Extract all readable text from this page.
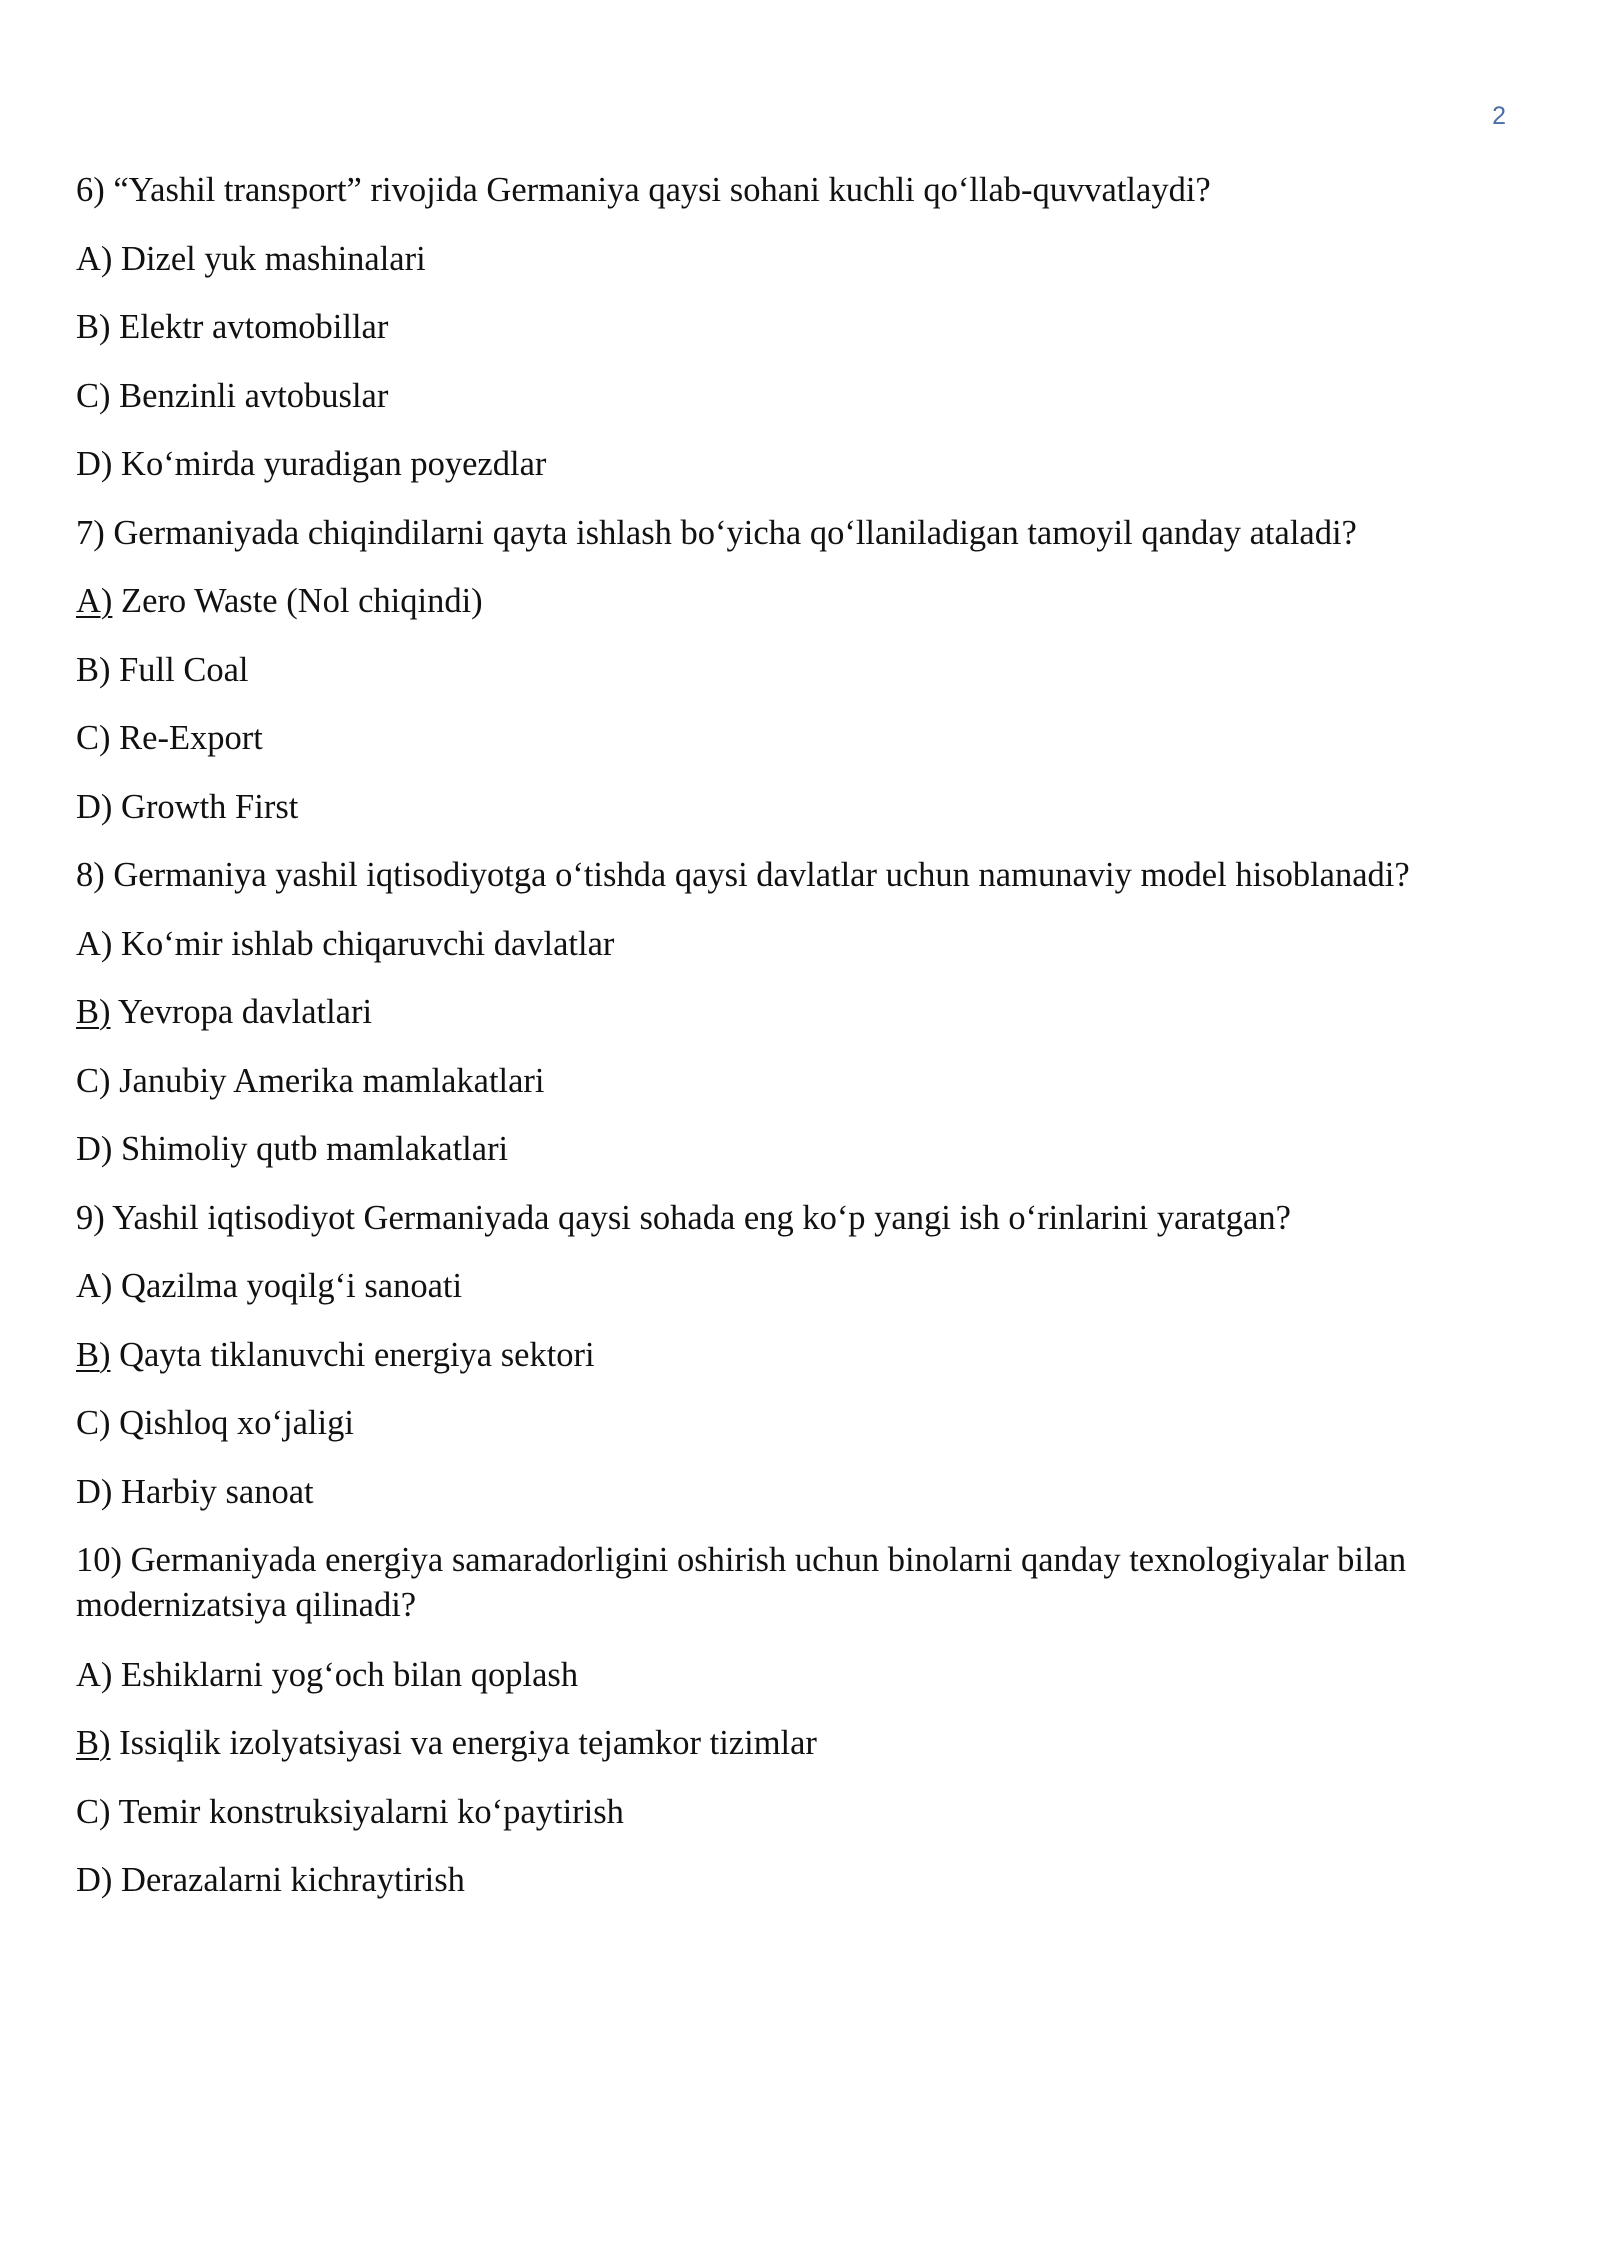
2

6) “Yashil transport” rivojida Germaniya qaysi sohani kuchli qo‘llab-quvvatlaydi?

A) Dizel yuk mashinalari

B) Elektr avtomobillar

C) Benzinli avtobuslar

D) Ko‘mirda yuradigan poyezdlar

7) Germaniyada chiqindilarni qayta ishlash bo‘yicha qo‘llaniladigan tamoyil qanday ataladi?

A) Zero Waste (Nol chiqindi)

B) Full Coal

C) Re-Export

D) Growth First

8) Germaniya yashil iqtisodiyotga o‘tishda qaysi davlatlar uchun namunaviy model hisoblanadi?

A) Ko‘mir ishlab chiqaruvchi davlatlar

B) Yevropa davlatlari

C) Janubiy Amerika mamlakatlari

D) Shimoliy qutb mamlakatlari

9) Yashil iqtisodiyot Germaniyada qaysi sohada eng ko‘p yangi ish o‘rinlarini yaratgan?

A) Qazilma yoqilg‘i sanoati

B) Qayta tiklanuvchi energiya sektori

C) Qishloq xo‘jaligi

D) Harbiy sanoat

10) Germaniyada energiya samaradorligini oshirish uchun binolarni qanday texnologiyalar bilan modernizatsiya qilinadi?

A) Eshiklarni yog‘och bilan qoplash

B) Issiqlik izolyatsiyasi va energiya tejamkor tizimlar

C) Temir konstruksiyalarni ko‘paytirish

D) Derazalarni kichraytirish
